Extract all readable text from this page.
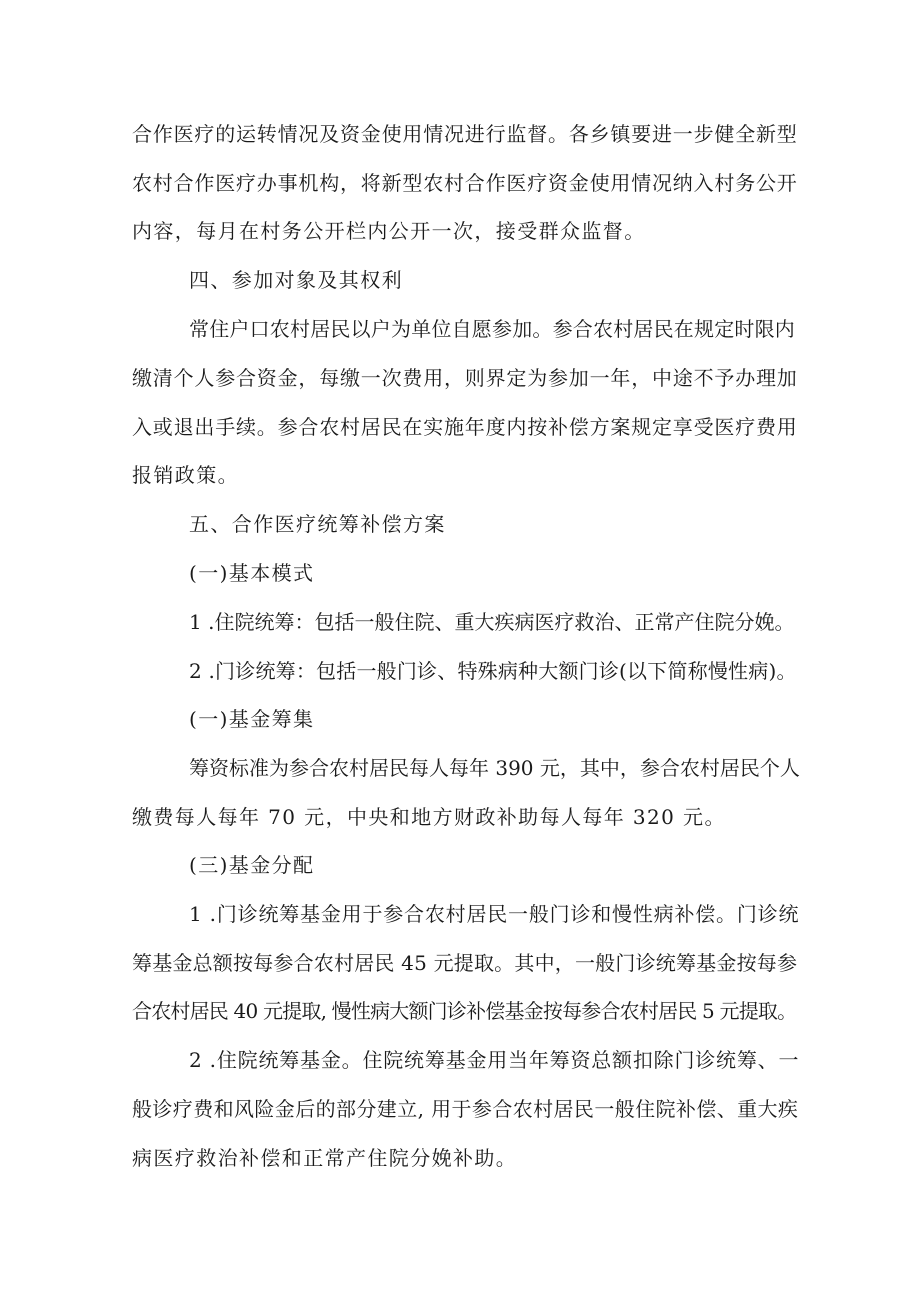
合作医疗的运转情况及资金使用情况进行监督。各乡镇要进一步健全新型
农村合作医疗办事机构，将新型农村合作医疗资金使用情况纳入村务公开
内容，每月在村务公开栏内公开一次，接受群众监督。
四、参加对象及其权利
常住户口农村居民以户为单位自愿参加。参合农村居民在规定时限内
缴清个人参合资金，每缴一次费用，则界定为参加一年，中途不予办理加
入或退出手续。参合农村居民在实施年度内按补偿方案规定享受医疗费用
报销政策。
五、合作医疗统筹补偿方案
(一)基本模式
1 .住院统筹：包括一般住院、重大疾病医疗救治、正常产住院分娩。
2 .门诊统筹：包括一般门诊、特殊病种大额门诊(以下简称慢性病)。
(一)基金筹集
筹资标准为参合农村居民每人每年 390 元，其中，参合农村居民个人
缴费每人每年 70 元，中央和地方财政补助每人每年 320 元。
(三)基金分配
1 .门诊统筹基金用于参合农村居民一般门诊和慢性病补偿。门诊统
筹基金总额按每参合农村居民 45 元提取。其中，一般门诊统筹基金按每参
合农村居民 40 元提取, 慢性病大额门诊补偿基金按每参合农村居民 5 元提取。
2 .住院统筹基金。住院统筹基金用当年筹资总额扣除门诊统筹、一
般诊疗费和风险金后的部分建立, 用于参合农村居民一般住院补偿、重大疾
病医疗救治补偿和正常产住院分娩补助。
